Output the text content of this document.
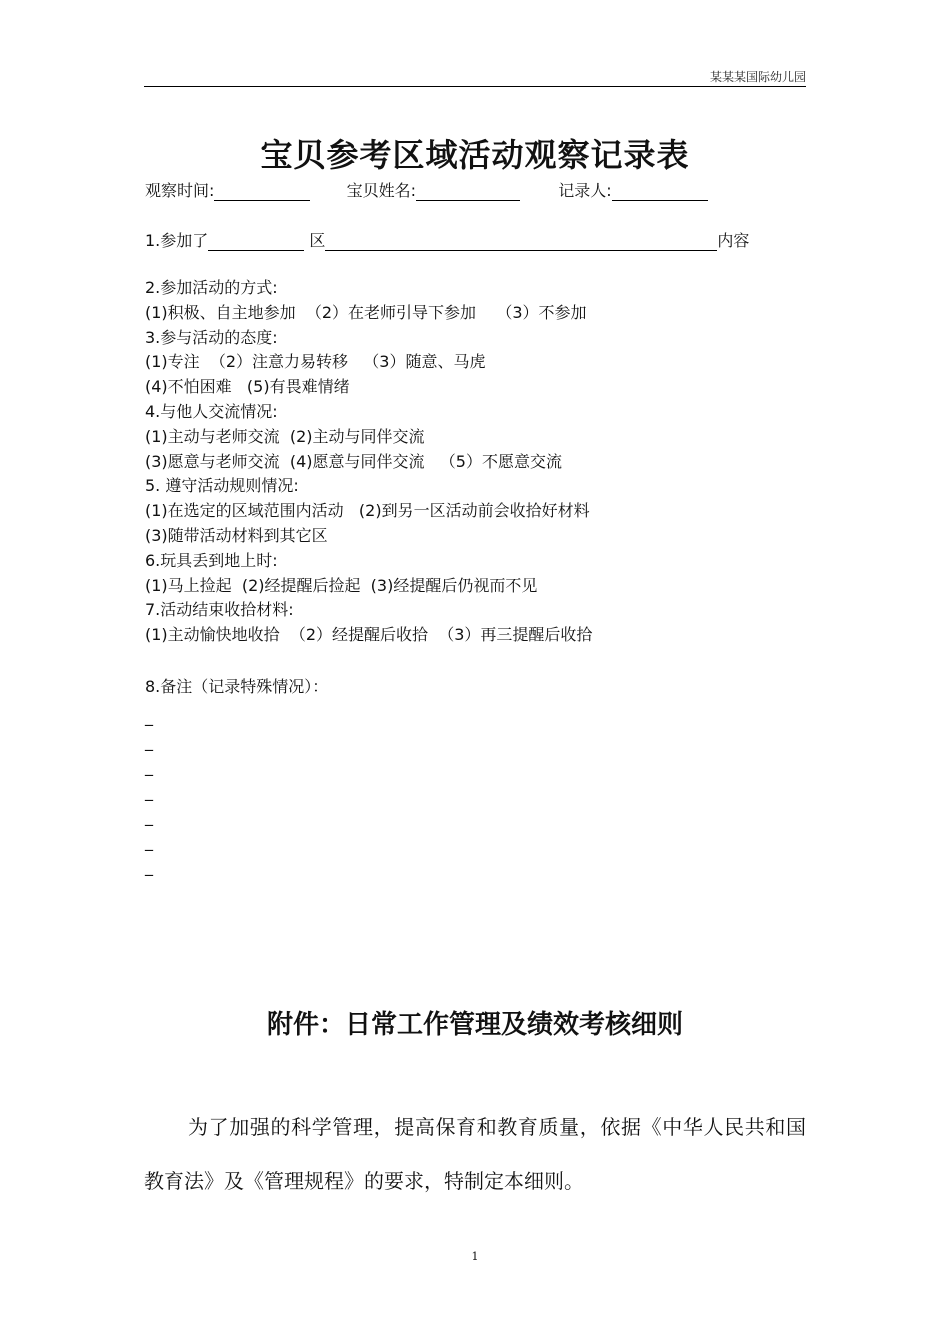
某某某国际幼儿园
宝贝参考区域活动观察记录表
观察时间:	宝贝姓名:	记录人:
1.参加了	区	内容
2.参加活动的方式:
(1)积极、自主地参加  （2）在老师引导下参加    （3）不参加
3.参与活动的态度:
(1)专注  （2）注意力易转移   （3）随意、马虎
(4)不怕困难   (5)有畏难情绪
4.与他人交流情况:
(1)主动与老师交流  (2)主动与同伴交流
(3)愿意与老师交流  (4)愿意与同伴交流   （5）不愿意交流
5. 遵守活动规则情况:
(1)在选定的区域范围内活动   (2)到另一区活动前会收拾好材料
(3)随带活动材料到其它区
6.玩具丢到地上时:
(1)马上捡起  (2)经提醒后捡起  (3)经提醒后仍视而不见
7.活动结束收拾材料:
(1)主动愉快地收拾  （2）经提醒后收拾  （3）再三提醒后收拾
8.备注（记录特殊情况）：
_
_
_
_
_
_
_
附件：日常工作管理及绩效考核细则
为了加强的科学管理，提高保育和教育质量，依据《中华人民共和国教育法》及《管理规程》的要求，特制定本细则。
1
